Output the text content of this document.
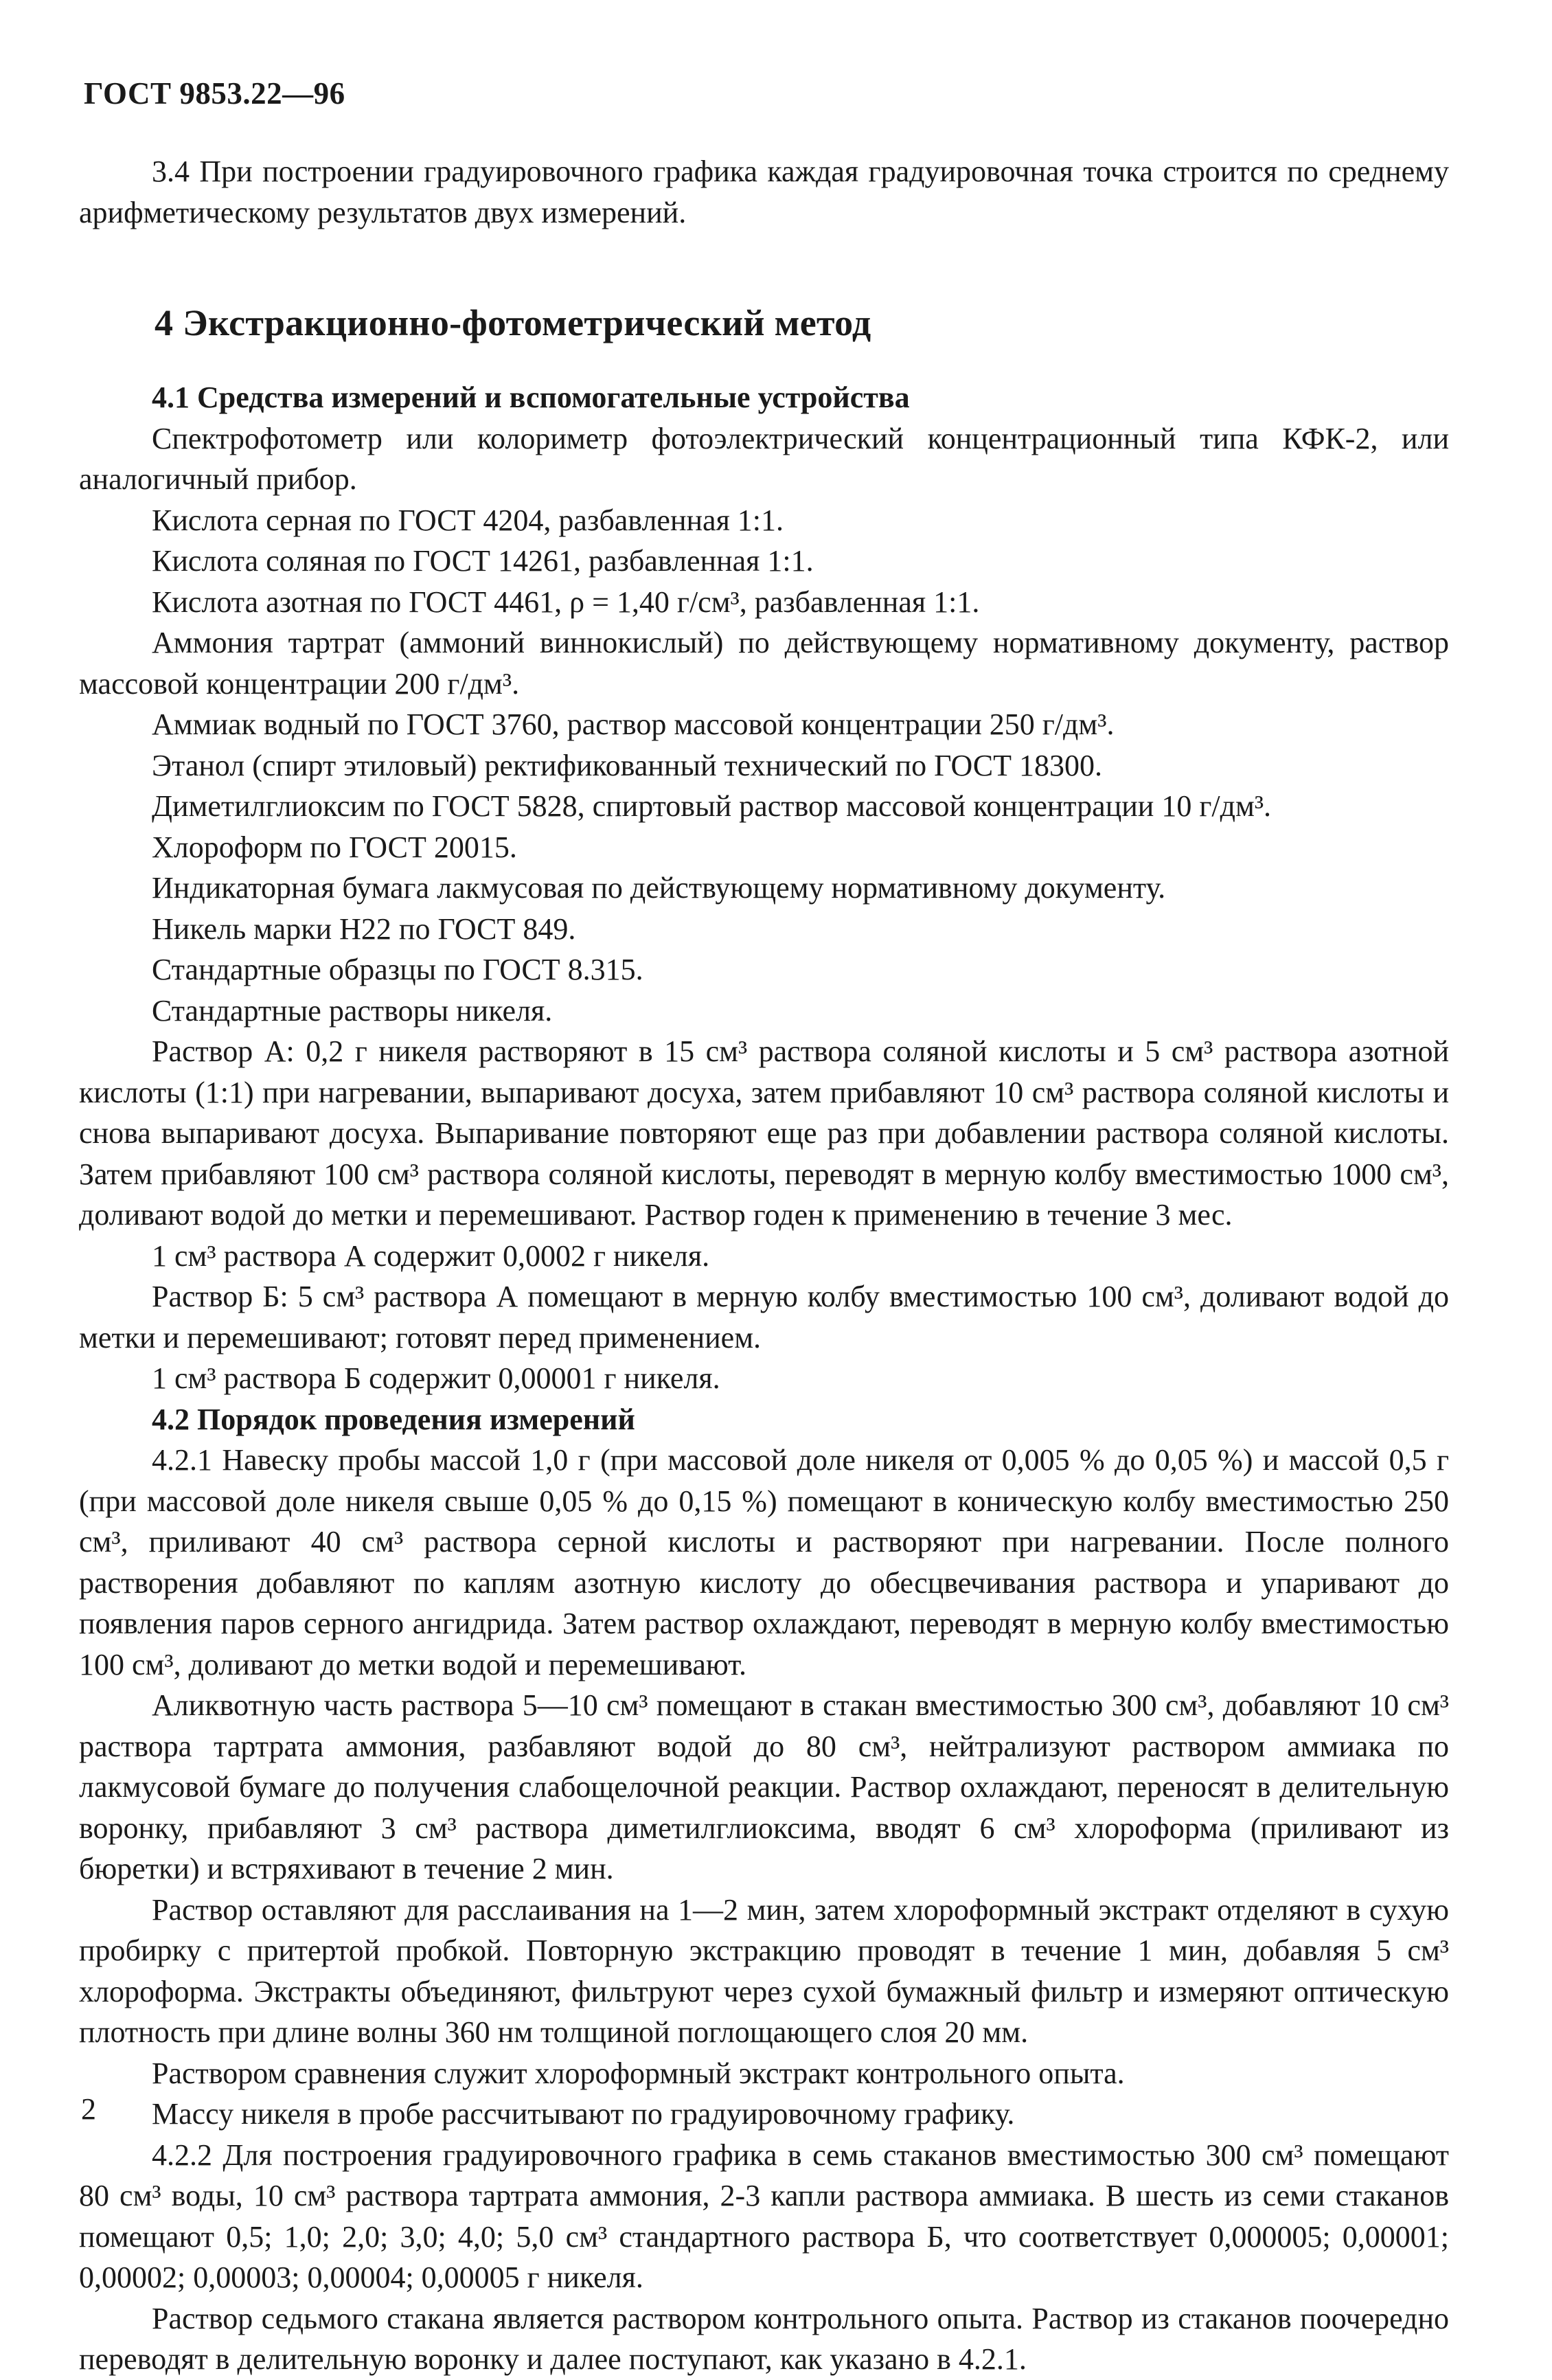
ГОСТ 9853.22—96

3.4 При построении градуировочного графика каждая градуировочная точка строится по среднему арифметическому результатов двух измерений.

4 Экстракционно-фотометрический метод
4.1 Средства измерений и вспомогательные устройства

Спектрофотометр или колориметр фотоэлектрический концентрационный типа КФК-2, или аналогичный прибор.

Кислота серная по ГОСТ 4204, разбавленная 1:1.

Кислота соляная по ГОСТ 14261, разбавленная 1:1.

Кислота азотная по ГОСТ 4461, ρ = 1,40 г/см³, разбавленная 1:1.

Аммония тартрат (аммоний виннокислый) по действующему нормативному документу, раствор массовой концентрации 200 г/дм³.

Аммиак водный по ГОСТ 3760, раствор массовой концентрации 250 г/дм³.

Этанол (спирт этиловый) ректификованный технический по ГОСТ 18300.

Диметилглиоксим по ГОСТ 5828, спиртовый раствор массовой концентрации 10 г/дм³.

Хлороформ по ГОСТ 20015.

Индикаторная бумага лакмусовая по действующему нормативному документу.

Никель марки Н22 по ГОСТ 849.

Стандартные образцы по ГОСТ 8.315.

Стандартные растворы никеля.

Раствор А: 0,2 г никеля растворяют в 15 см³ раствора соляной кислоты и 5 см³ раствора азотной кислоты (1:1) при нагревании, выпаривают досуха, затем прибавляют 10 см³ раствора соляной кислоты и снова выпаривают досуха. Выпаривание повторяют еще раз при добавлении раствора соляной кислоты. Затем прибавляют 100 см³ раствора соляной кислоты, переводят в мерную колбу вместимостью 1000 см³, доливают водой до метки и перемешивают. Раствор годен к применению в течение 3 мес.

1 см³ раствора А содержит 0,0002 г никеля.

Раствор Б: 5 см³ раствора А помещают в мерную колбу вместимостью 100 см³, доливают водой до метки и перемешивают; готовят перед применением.

1 см³ раствора Б содержит 0,00001 г никеля.

4.2 Порядок проведения измерений

4.2.1 Навеску пробы массой 1,0 г (при массовой доле никеля от 0,005 % до 0,05 %) и массой 0,5 г (при массовой доле никеля свыше 0,05 % до 0,15 %) помещают в коническую колбу вместимостью 250 см³, приливают 40 см³ раствора серной кислоты и растворяют при нагревании. После полного растворения добавляют по каплям азотную кислоту до обесцвечивания раствора и упаривают до появления паров серного ангидрида. Затем раствор охлаждают, переводят в мерную колбу вместимостью 100 см³, доливают до метки водой и перемешивают.

Аликвотную часть раствора 5—10 см³ помещают в стакан вместимостью 300 см³, добавляют 10 см³ раствора тартрата аммония, разбавляют водой до 80 см³, нейтрализуют раствором аммиака по лакмусовой бумаге до получения слабощелочной реакции. Раствор охлаждают, переносят в делительную воронку, прибавляют 3 см³ раствора диметилглиоксима, вводят 6 см³ хлороформа (приливают из бюретки) и встряхивают в течение 2 мин.

Раствор оставляют для расслаивания на 1—2 мин, затем хлороформный экстракт отделяют в сухую пробирку с притертой пробкой. Повторную экстракцию проводят в течение 1 мин, добавляя 5 см³ хлороформа. Экстракты объединяют, фильтруют через сухой бумажный фильтр и измеряют оптическую плотность при длине волны 360 нм толщиной поглощающего слоя 20 мм.

Раствором сравнения служит хлороформный экстракт контрольного опыта.

Массу никеля в пробе рассчитывают по градуировочному графику.

4.2.2 Для построения градуировочного графика в семь стаканов вместимостью 300 см³ помещают 80 см³ воды, 10 см³ раствора тартрата аммония, 2-3 капли раствора аммиака. В шесть из семи стаканов помещают 0,5; 1,0; 2,0; 3,0; 4,0; 5,0 см³ стандартного раствора Б, что соответствует 0,000005; 0,00001; 0,00002; 0,00003; 0,00004; 0,00005 г никеля.

Раствор седьмого стакана является раствором контрольного опыта. Раствор из стаканов поочередно переводят в делительную воронку и далее поступают, как указано в 4.2.1.

2
